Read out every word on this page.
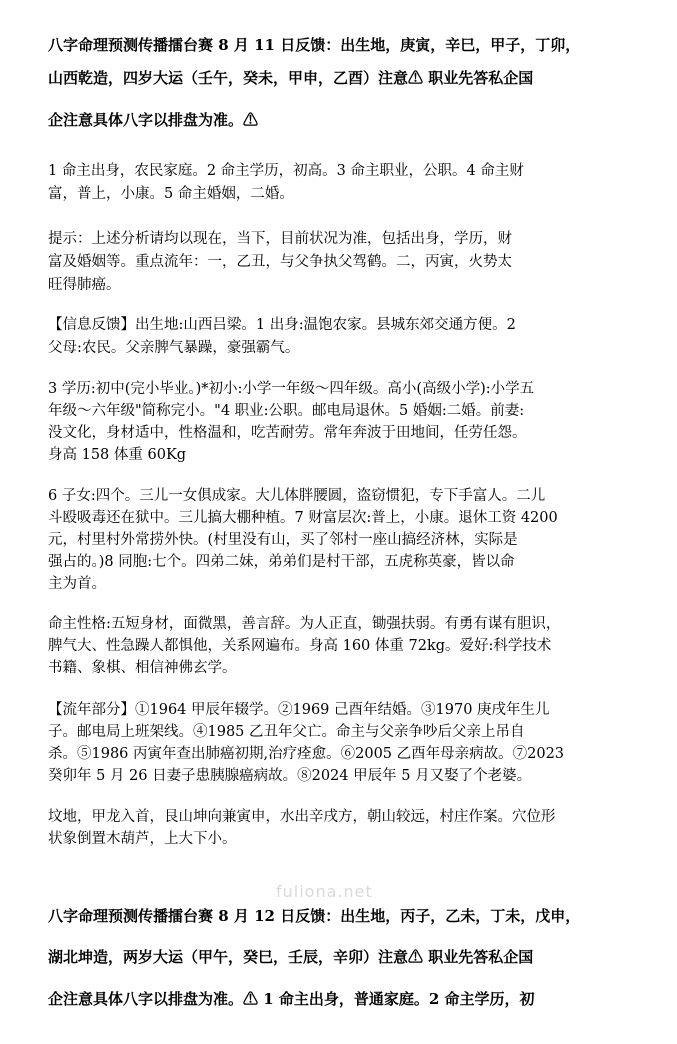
八字命理预测传播擂台赛 8 月 11 日反馈：出生地，庚寅，辛巳，甲子，丁卯，
山西乾造，四岁大运（壬午，癸未，甲申，乙酉）注意⚠ 职业先答私企国
企注意具体八字以排盘为准。⚠
1 命主出身，农民家庭。2 命主学历，初高。3 命主职业，公职。4 命主财
富，普上，小康。5 命主婚姻，二婚。
提示：上述分析请均以现在，当下，目前状况为准，包括出身，学历，财
富及婚姻等。重点流年：一，乙丑，与父争执父驾鹤。二，丙寅，火势太
旺得肺癌。
【信息反馈】出生地:山西吕梁。1 出身:温饱农家。县城东郊交通方便。2
父母:农民。父亲脾气暴躁，豪强霸气。
3 学历:初中(完小毕业。)*初小:小学一年级～四年级。高小(高级小学):小学五
年级～六年级"简称完小。"4 职业:公职。邮电局退休。5 婚姻:二婚。前妻:
没文化，身材适中，性格温和，吃苦耐劳。常年奔波于田地间，任劳任怨。
身高 158 体重 60Kg
6 子女:四个。三儿一女俱成家。大儿体胖腰圆，盗窃惯犯，专下手富人。二儿
斗殴吸毒还在狱中。三儿搞大棚种植。7 财富层次:普上，小康。退休工资 4200
元，村里村外常捞外快。(村里没有山，买了邻村一座山搞经济林，实际是
强占的。)8 同胞:七个。四弟二妹，弟弟们是村干部，五虎称英豪，皆以命
主为首。
命主性格:五短身材，面微黑，善言辞。为人正直，锄强扶弱。有勇有谋有胆识，
脾气大、性急躁人都惧他，关系网遍布。身高 160 体重 72kg。爱好:科学技术
书籍、象棋、相信神佛玄学。
【流年部分】①1964 甲辰年辍学。②1969 己酉年结婚。③1970 庚戌年生儿
子。邮电局上班架线。④1985 乙丑年父亡。命主与父亲争吵后父亲上吊自
杀。⑤1986 丙寅年查出肺癌初期,治疗痊愈。⑥2005 乙酉年母亲病故。⑦2023
癸卯年 5 月 26 日妻子患胰腺癌病故。⑧2024 甲辰年 5 月又娶了个老婆。
坟地，甲龙入首，艮山坤向兼寅申，水出辛戌方，朝山较远，村庄作案。穴位形
状象倒置木葫芦，上大下小。
fuliona.net
八字命理预测传播擂台赛 8 月 12 日反馈：出生地，丙子，乙未，丁未，戊申，
湖北坤造，两岁大运（甲午，癸巳，壬辰，辛卯）注意⚠ 职业先答私企国
企注意具体八字以排盘为准。⚠ 1 命主出身，普通家庭。2 命主学历，初
